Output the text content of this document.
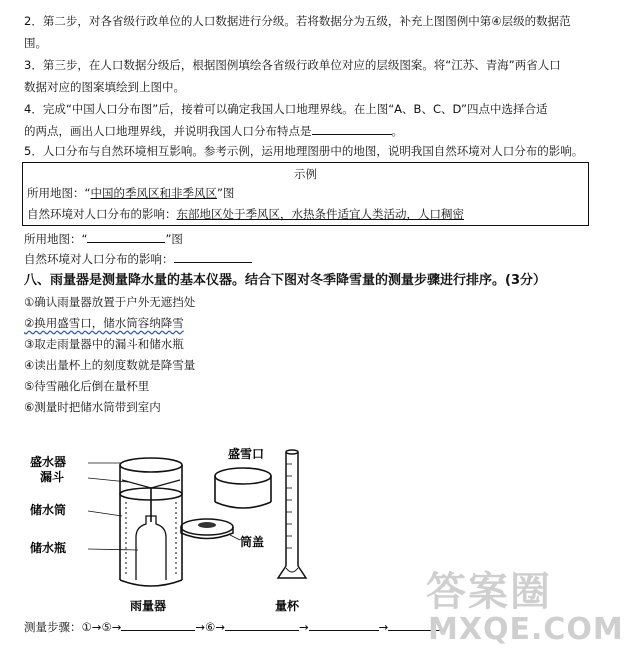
2．第二步，对各省级行政单位的人口数据进行分级。若将数据分为五级，补充上图图例中第④层级的数据范
围。
3．第三步，在人口数据分级后，根据图例填绘各省级行政单位对应的层级图案。将“江苏、青海”两省人口
数据对应的图案填绘到上图中。
4．完成“中国人口分布图”后，接着可以确定我国人口地理界线。在上图“A、B、C、D”四点中选择合适
的两点，画出人口地理界线，并说明我国人口分布特点是	。
5．人口分布与自然环境相互影响。参考示例，运用地理图册中的地图，说明我国自然环境对人口分布的影响。
示例
所用地图：“中国的季风区和非季风区”图
自然环境对人口分布的影响：东部地区处于季风区，水热条件适宜人类活动，人口稠密
所用地图：“	”图
自然环境对人口分布的影响：
八、雨量器是测量降水量的基本仪器。结合下图对冬季降雪量的测量步骤进行排序。(3分）
①确认雨量器放置于户外无遮挡处
②换用盛雪口，储水筒容纳降雪
③取走雨量器中的漏斗和储水瓶
④读出量杯上的刻度数就是降雪量
⑤待雪融化后倒在量杯里
⑥测量时把储水筒带到室内
盛水器
漏斗
储水筒
储水瓶
雨量器
盛雪口
筒盖
量杯
测量步骤：①→⑤→	→⑥→	→	→
答案圈
MXQE.COM
